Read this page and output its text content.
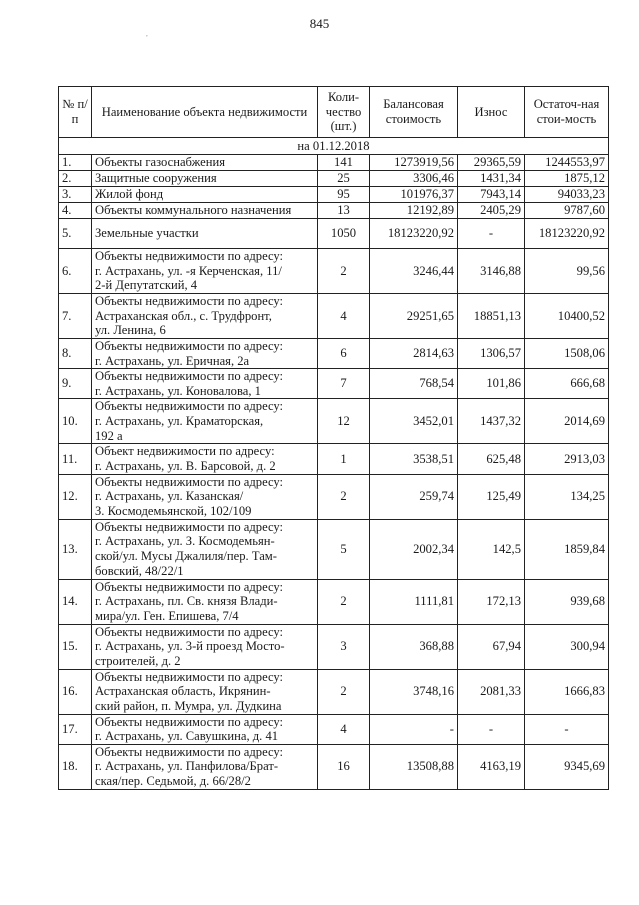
845
,
№ п/п	Наименование объекта недвижимости	Коли-чество (шт.)	Балансовая стоимость	Износ	Остаточ-ная стои-мость
на 01.12.2018					
1.	Объекты газоснабжения	141	1273919,56	29365,59	1244553,97
2.	Защитные сооружения	25	3306,46	1431,34	1875,12
3.	Жилой фонд	95	101976,37	7943,14	94033,23
4.	Объекты коммунального назначения	13	12192,89	2405,29	9787,60
5.	Земельные участки	1050	18123220,92	-	18123220,92
6.	Объекты недвижимости по адресу:
г. Астрахань, ул. -я Керченская, 11/
2-й Депутатский, 4	2	3246,44	3146,88	99,56
7.	Объекты недвижимости по адресу:
Астраханская обл., с. Трудфронт,
ул. Ленина, 6	4	29251,65	18851,13	10400,52
8.	Объекты недвижимости по адресу:
г. Астрахань, ул. Еричная, 2а	6	2814,63	1306,57	1508,06
9.	Объекты недвижимости по адресу:
г. Астрахань, ул. Коновалова, 1	7	768,54	101,86	666,68
10.	Объекты недвижимости по адресу:
г. Астрахань, ул. Краматорская,
192 а	12	3452,01	1437,32	2014,69
11.	Объект недвижимости по адресу:
г. Астрахань, ул. В. Барсовой, д. 2	1	3538,51	625,48	2913,03
12.	Объекты недвижимости по адресу:
г. Астрахань, ул. Казанская/
З. Космодемьянской, 102/109	2	259,74	125,49	134,25
13.	Объекты недвижимости по адресу:
г. Астрахань, ул. З. Космодемьян-
ской/ул. Мусы Джалиля/пер. Там-
бовский, 48/22/1	5	2002,34	142,5	1859,84
14.	Объекты недвижимости по адресу:
г. Астрахань, пл. Св. князя Влади-
мира/ул. Ген. Епишева, 7/4	2	1111,81	172,13	939,68
15.	Объекты недвижимости по адресу:
г. Астрахань, ул. 3-й проезд Мосто-
строителей, д. 2	3	368,88	67,94	300,94
16.	Объекты недвижимости по адресу:
Астраханская область, Икрянин-
ский район, п. Мумра, ул. Дудкина	2	3748,16	2081,33	1666,83
17.	Объекты недвижимости по адресу:
г. Астрахань, ул. Савушкина, д. 41	4	-	-	-
18.	Объекты недвижимости по адресу:
г. Астрахань, ул. Панфилова/Брат-
ская/пер. Седьмой, д. 66/28/2	16	13508,88	4163,19	9345,69
